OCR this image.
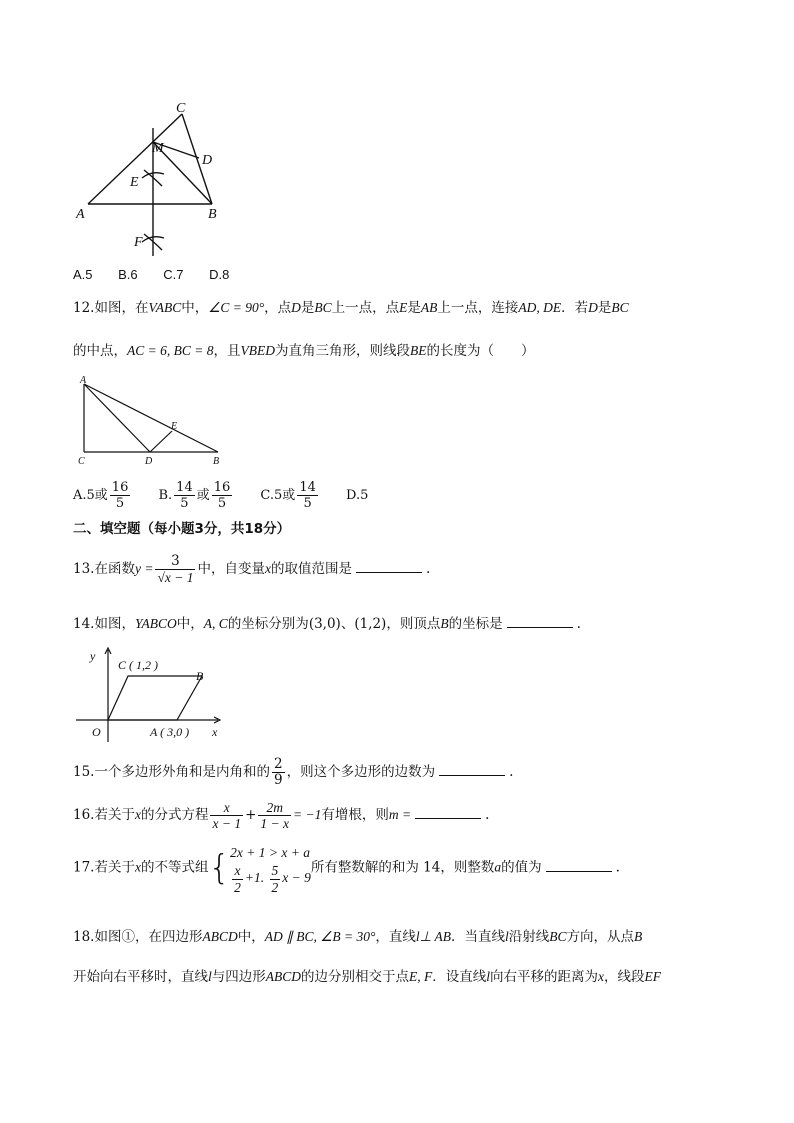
C
M
D
E
A	B
F
A.5 B.6 C.7 D.8
12.如图，在VABC中，∠C = 90°，点D是BC上一点，点E是AB上一点，连接AD, DE．若D是BC
的中点，AC = 6, BC = 8，且VBED为直角三角形，则线段BE的长度为（　　）
A
E
C	D	B
A.5或 $\frac{16}{5} B$. $\frac{14}{5}$ 或 $\frac{16}{5} C.5$或 $\frac{14}{5} D.5$
二、填空题（每小题3分，共18分）
13.在函数$y = \frac{3}{√x - 1}$ 中，自变量x的取值范围是	.
14.如图，YABCO中，A, C的坐标分别为(3,0)、(1,2)，则顶点B的坐标是	.
y
C ( 1,2 )
B
O	A ( 3,0 ) x
15.一个多边形外角和是内角和的 $\frac{2}{9}$ ，则这个多边形的边数为	.
16.若关于x的分式方程 $\frac{x}{x - 1} + \frac{2m}{1 - x} = -1$有增根，则m =	.
17.若关于x的不等式组{ 2x + 1 > x + a
$\frac{x}{2} +1$. $\frac{5}{2}$ x − 9
所有整数解的和为 14，则整数a的值为	.
18.如图①，在四边形ABCD中，AD ∥ BC, ∠B = 30°，直线l⊥ AB．当直线l沿射线BC方向，从点B
开始向右平移时，直线l与四边形ABCD的边分别相交于点E, F．设直线l向右平移的距离为x，线段EF
